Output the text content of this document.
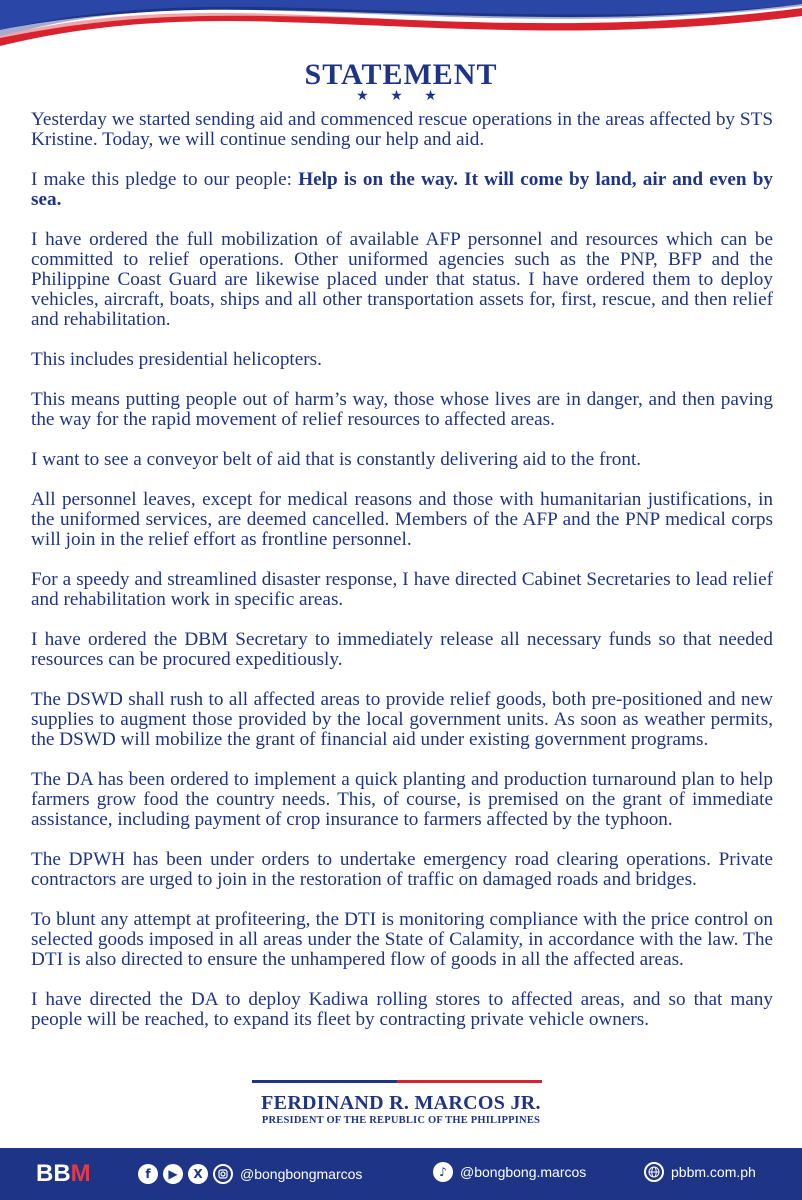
STATEMENT
★ ★ ★

Yesterday we started sending aid and commenced rescue operations in the areas affected by STS Kristine. Today, we will continue sending our help and aid.

I make this pledge to our people: Help is on the way. It will come by land, air and even by sea.

I have ordered the full mobilization of available AFP personnel and resources which can be committed to relief operations. Other uniformed agencies such as the PNP, BFP and the Philippine Coast Guard are likewise placed under that status. I have ordered them to deploy vehicles, aircraft, boats, ships and all other transportation assets for, first, rescue, and then relief and rehabilitation.

This includes presidential helicopters.

This means putting people out of harm’s way, those whose lives are in danger, and then paving the way for the rapid movement of relief resources to affected areas.

I want to see a conveyor belt of aid that is constantly delivering aid to the front.

All personnel leaves, except for medical reasons and those with humanitarian justifications, in the uniformed services, are deemed cancelled. Members of the AFP and the PNP medical corps will join in the relief effort as frontline personnel.

For a speedy and streamlined disaster response, I have directed Cabinet Secretaries to lead relief and rehabilitation work in specific areas.

I have ordered the DBM Secretary to immediately release all necessary funds so that needed resources can be procured expeditiously.

The DSWD shall rush to all affected areas to provide relief goods, both pre-positioned and new supplies to augment those provided by the local government units. As soon as weather permits, the DSWD will mobilize the grant of financial aid under existing government programs.

The DA has been ordered to implement a quick planting and production turnaround plan to help farmers grow food the country needs. This, of course, is premised on the grant of immediate assistance, including payment of crop insurance to farmers affected by the typhoon.

The DPWH has been under orders to undertake emergency road clearing operations. Private contractors are urged to join in the restoration of traffic on damaged roads and bridges.

To blunt any attempt at profiteering, the DTI is monitoring compliance with the price control on selected goods imposed in all areas under the State of Calamity, in accordance with the law. The DTI is also directed to ensure the unhampered flow of goods in all the affected areas.

I have directed the DA to deploy Kadiwa rolling stores to affected areas, and so that many people will be reached, to expand its fleet by contracting private vehicle owners.

FERDINAND R. MARCOS JR.
PRESIDENT OF THE REPUBLIC OF THE PHILIPPINES
BBM	f	▶	X	@bongbongmarcos	♪ @bongbong.marcos	pbbm.com.ph
